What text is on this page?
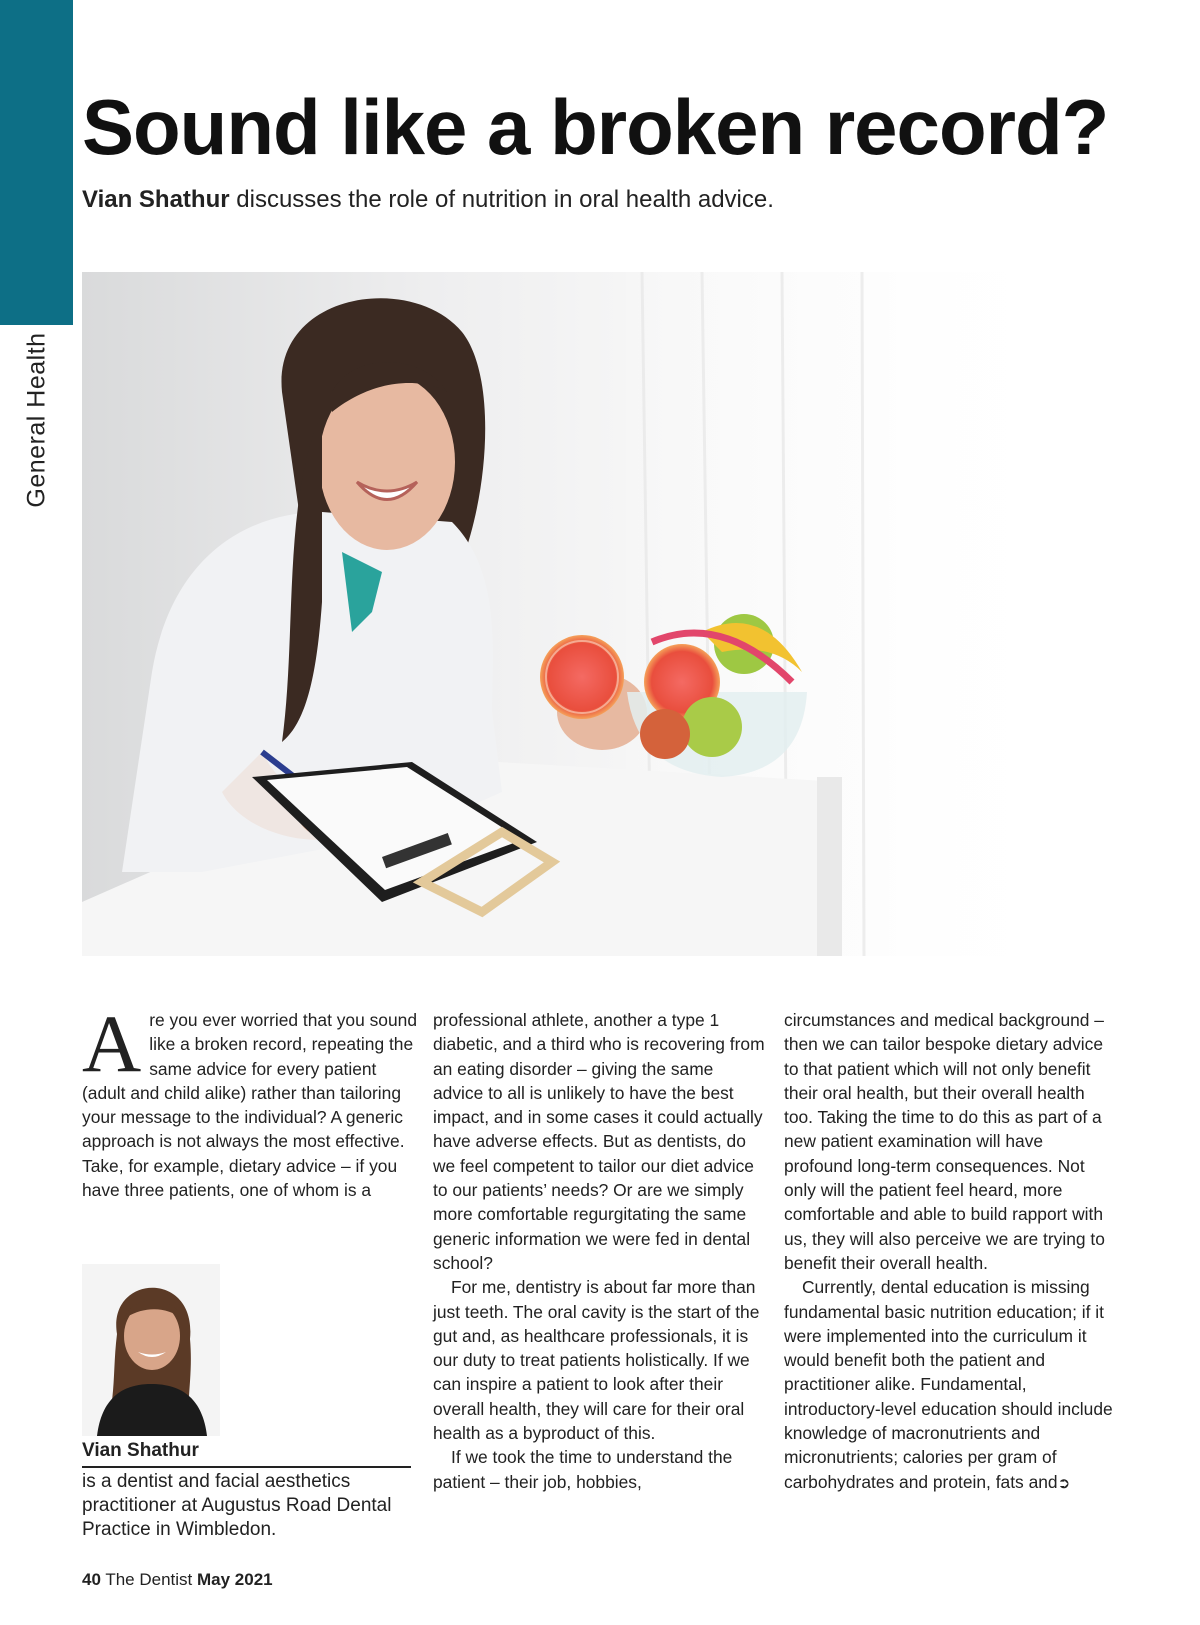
General Health
Sound like a broken record?
Vian Shathur discusses the role of nutrition in oral health advice.
A re you ever worried that you sound like a broken record, repeating the same advice for every patient (adult and child alike) rather than tailoring your message to the individual? A generic approach is not always the most effective. Take, for example, dietary advice – if you have three patients, one of whom is a

Vian Shathur
is a dentist and facial aesthetics practitioner at Augustus Road Dental Practice in Wimbledon.

professional athlete, another a type 1 diabetic, and a third who is recovering from an eating disorder – giving the same advice to all is unlikely to have the best impact, and in some cases it could actually have adverse effects. But as dentists, do we feel competent to tailor our diet advice to our patients’ needs? Or are we simply more comfortable regurgitating the same generic information we were fed in dental school?

For me, dentistry is about far more than just teeth. The oral cavity is the start of the gut and, as healthcare professionals, it is our duty to treat patients holistically. If we can inspire a patient to look after their overall health, they will care for their oral health as a byproduct of this.

If we took the time to understand the patient – their job, hobbies,

circumstances and medical background – then we can tailor bespoke dietary advice to that patient which will not only benefit their oral health, but their overall health too. Taking the time to do this as part of a new patient examination will have profound long-term consequences. Not only will the patient feel heard, more comfortable and able to build rapport with us, they will also perceive we are trying to benefit their overall health.

Currently, dental education is missing fundamental basic nutrition education; if it were implemented into the curriculum it would benefit both the patient and practitioner alike. Fundamental, introductory-level education should include knowledge of macronutrients and micronutrients; calories per gram of carbohydrates and protein, fats and➲

40 The Dentist May 2021
